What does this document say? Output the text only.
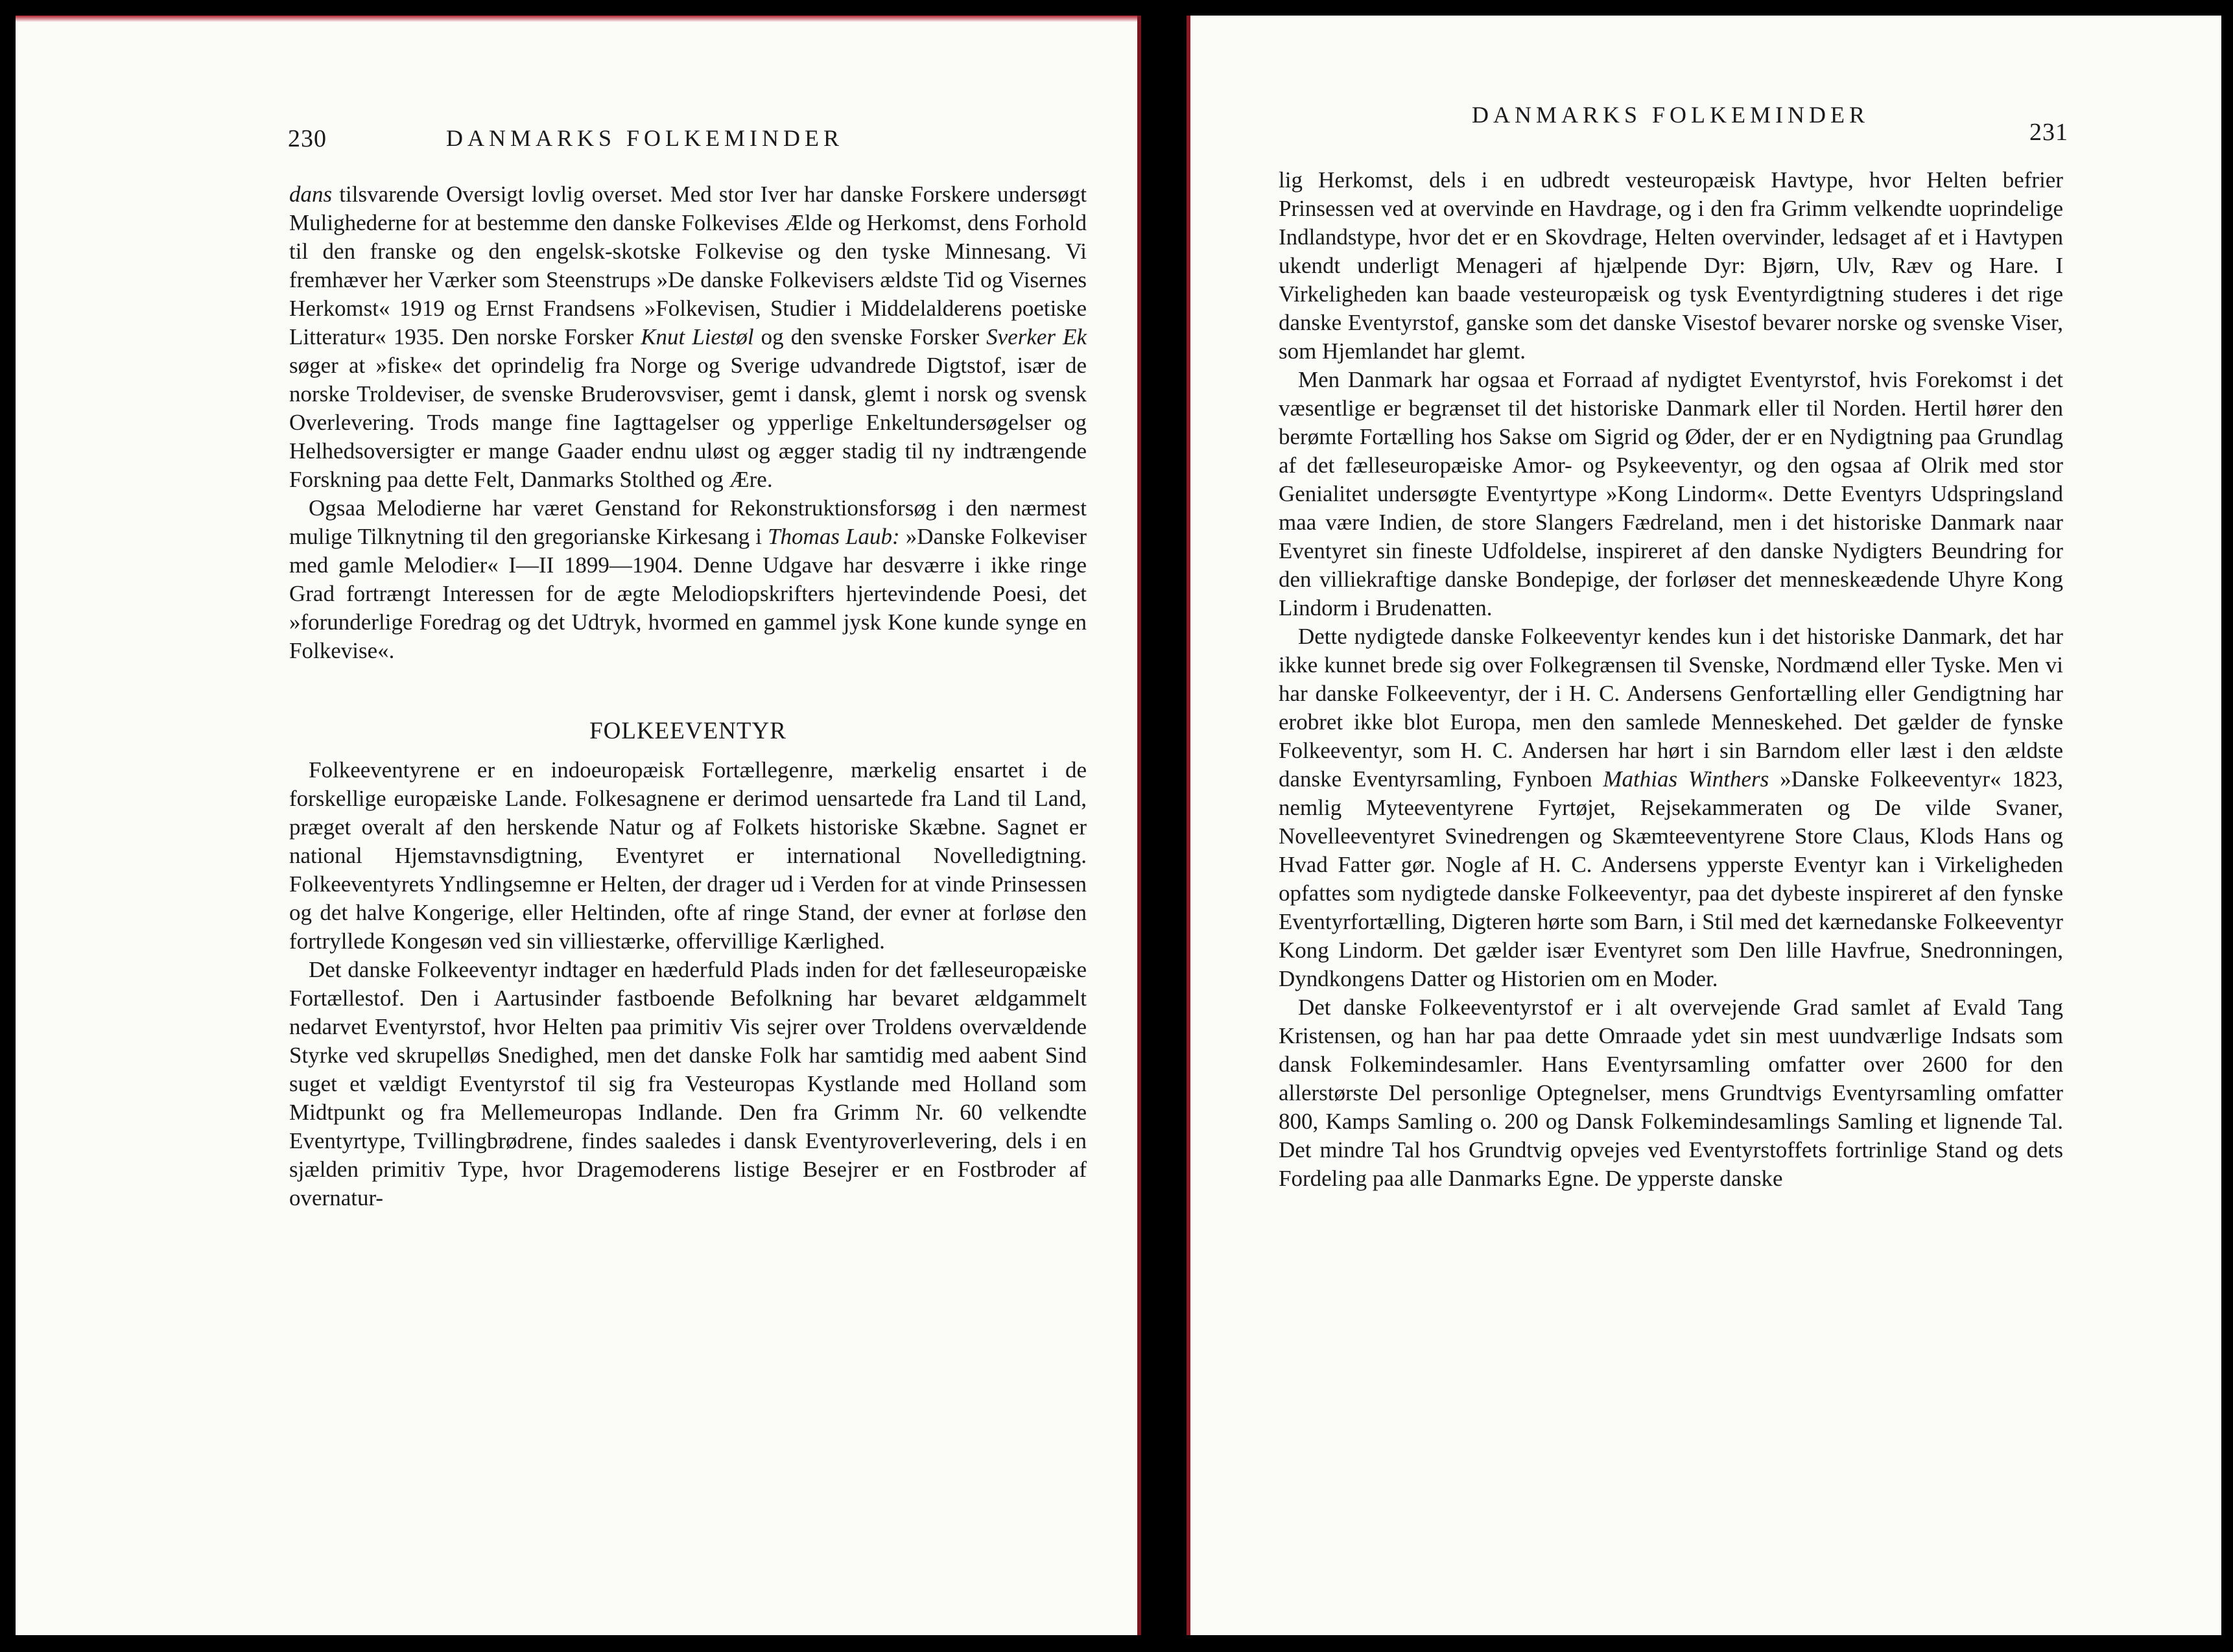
230	DANMARKS FOLKEMINDER

dans tilsvarende Oversigt lovlig overset. Med stor Iver har danske Forskere undersøgt Mulighederne for at bestemme den danske Folkevises Ælde og Herkomst, dens Forhold til den franske og den engelsk-skotske Folkevise og den tyske Minnesang. Vi fremhæver her Værker som Steenstrups »De danske Folkevisers ældste Tid og Visernes Herkomst« 1919 og Ernst Frandsens »Folkevisen, Studier i Middelalderens poetiske Litteratur« 1935. Den norske Forsker Knut Liestøl og den svenske Forsker Sverker Ek søger at »fiske« det oprindelig fra Norge og Sverige udvandrede Digtstof, især de norske Troldeviser, de svenske Bruderovsviser, gemt i dansk, glemt i norsk og svensk Overlevering. Trods mange fine Iagttagelser og ypperlige Enkeltundersøgelser og Helhedsoversigter er mange Gaader endnu uløst og ægger stadig til ny indtrængende Forskning paa dette Felt, Danmarks Stolthed og Ære.

Ogsaa Melodierne har været Genstand for Rekonstruktionsforsøg i den nærmest mulige Tilknytning til den gregorianske Kirkesang i Thomas Laub: »Danske Folkeviser med gamle Melodier« I—II 1899—1904. Denne Udgave har desværre i ikke ringe Grad fortrængt Interessen for de ægte Melodiopskrifters hjertevindende Poesi, det »forunderlige Foredrag og det Udtryk, hvormed en gammel jysk Kone kunde synge en Folkevise«.

FOLKEEVENTYR

Folkeeventyrene er en indoeuropæisk Fortællegenre, mærkelig ensartet i de forskellige europæiske Lande. Folkesagnene er derimod uensartede fra Land til Land, præget overalt af den herskende Natur og af Folkets historiske Skæbne. Sagnet er national Hjemstavnsdigtning, Eventyret er international Novelledigtning. Folkeeventyrets Yndlingsemne er Helten, der drager ud i Verden for at vinde Prinsessen og det halve Kongerige, eller Heltinden, ofte af ringe Stand, der evner at forløse den fortryllede Kongesøn ved sin villiestærke, offervillige Kærlighed.

Det danske Folkeeventyr indtager en hæderfuld Plads inden for det fælleseuropæiske Fortællestof. Den i Aartusinder fastboende Befolkning har bevaret ældgammelt nedarvet Eventyrstof, hvor Helten paa primitiv Vis sejrer over Troldens overvældende Styrke ved skrupelløs Snedighed, men det danske Folk har samtidig med aabent Sind suget et vældigt Eventyrstof til sig fra Vesteuropas Kystlande med Holland som Midtpunkt og fra Mellemeuropas Indlande. Den fra Grimm Nr. 60 velkendte Eventyrtype, Tvillingbrødrene, findes saaledes i dansk Eventyroverlevering, dels i en sjælden primitiv Type, hvor Dragemoderens listige Besejrer er en Fostbroder af overnatur-

DANMARKS FOLKEMINDER
231

lig Herkomst, dels i en udbredt vesteuropæisk Havtype, hvor Helten befrier Prinsessen ved at overvinde en Havdrage, og i den fra Grimm velkendte uoprindelige Indlandstype, hvor det er en Skovdrage, Helten overvinder, ledsaget af et i Havtypen ukendt underligt Menageri af hjælpende Dyr: Bjørn, Ulv, Ræv og Hare. I Virkeligheden kan baade vesteuropæisk og tysk Eventyrdigtning studeres i det rige danske Eventyrstof, ganske som det danske Visestof bevarer norske og svenske Viser, som Hjemlandet har glemt.

Men Danmark har ogsaa et Forraad af nydigtet Eventyrstof, hvis Forekomst i det væsentlige er begrænset til det historiske Danmark eller til Norden. Hertil hører den berømte Fortælling hos Sakse om Sigrid og Øder, der er en Nydigtning paa Grundlag af det fælleseuropæiske Amor- og Psykeeventyr, og den ogsaa af Olrik med stor Genialitet undersøgte Eventyrtype »Kong Lindorm«. Dette Eventyrs Udspringsland maa være Indien, de store Slangers Fædreland, men i det historiske Danmark naar Eventyret sin fineste Udfoldelse, inspireret af den danske Nydigters Beundring for den villiekraftige danske Bondepige, der forløser det menneskeædende Uhyre Kong Lindorm i Brudenatten.

Dette nydigtede danske Folkeeventyr kendes kun i det historiske Danmark, det har ikke kunnet brede sig over Folkegrænsen til Svenske, Nordmænd eller Tyske. Men vi har danske Folkeeventyr, der i H. C. Andersens Genfortælling eller Gendigtning har erobret ikke blot Europa, men den samlede Menneskehed. Det gælder de fynske Folkeeventyr, som H. C. Andersen har hørt i sin Barndom eller læst i den ældste danske Eventyrsamling, Fynboen Mathias Winthers »Danske Folkeeventyr« 1823, nemlig Myteeventyrene Fyrtøjet, Rejsekammeraten og De vilde Svaner, Novelleeventyret Svinedrengen og Skæmteeventyrene Store Claus, Klods Hans og Hvad Fatter gør. Nogle af H. C. Andersens ypperste Eventyr kan i Virkeligheden opfattes som nydigtede danske Folkeeventyr, paa det dybeste inspireret af den fynske Eventyrfortælling, Digteren hørte som Barn, i Stil med det kærnedanske Folkeeventyr Kong Lindorm. Det gælder især Eventyret som Den lille Havfrue, Snedronningen, Dyndkongens Datter og Historien om en Moder.

Det danske Folkeeventyrstof er i alt overvejende Grad samlet af Evald Tang Kristensen, og han har paa dette Omraade ydet sin mest uundværlige Indsats som dansk Folkemindesamler. Hans Eventyrsamling omfatter over 2600 for den allerstørste Del personlige Optegnelser, mens Grundtvigs Eventyrsamling omfatter 800, Kamps Samling o. 200 og Dansk Folkemindesamlings Samling et lignende Tal. Det mindre Tal hos Grundtvig opvejes ved Eventyrstoffets fortrinlige Stand og dets Fordeling paa alle Danmarks Egne. De ypperste danske
